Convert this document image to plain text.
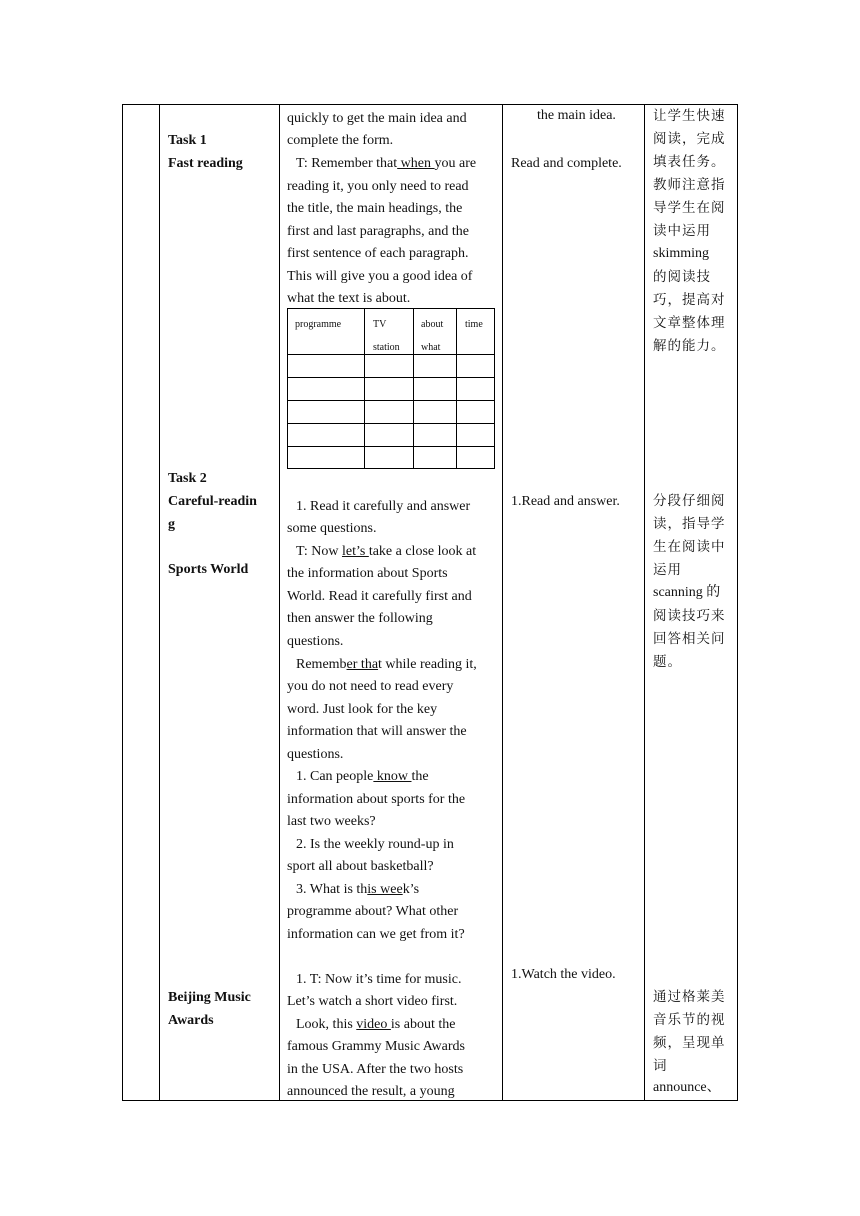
Task 1
Fast reading
Task 2
Careful-readin
g
Sports World
Beijing Music
Awards
quickly to get the main idea and
complete the form.
T: Remember that when you are
reading it, you only need to read
the title, the main headings, the
first and last paragraphs, and the
first sentence of each paragraph.
This will give you a good idea of
what the text is about.
programme	TV
station
about
what
time
1. Read it carefully and answer
some questions.
T: Now let’s take a close look at
the information about Sports
World. Read it carefully first and
then answer the following
questions.
Remember that while reading it,
you do not need to read every
word. Just look for the key
information that will answer the
questions.
1. Can people know the
information about sports for the
last two weeks?
2. Is the weekly round-up in
sport all about basketball?
3. What is this week’s
programme about? What other
information can we get from it?
1. T: Now it’s time for music.
Let’s watch a short video first.
Look, this video is about the
famous Grammy Music Awards
in the USA. After the two hosts
announced the result, a young
the main idea.
Read and complete.
1.Read and answer.
1.Watch the video.
让学生快速
阅读，完成
填表任务。
教师注意指
导学生在阅
读中运用
skimming
的阅读技
巧，提高对
文章整体理
解的能力。
分段仔细阅
读，指导学
生在阅读中
运用
scanning 的
阅读技巧来
回答相关问
题。
通过格莱美
音乐节的视
频，呈现单
词
announce、
